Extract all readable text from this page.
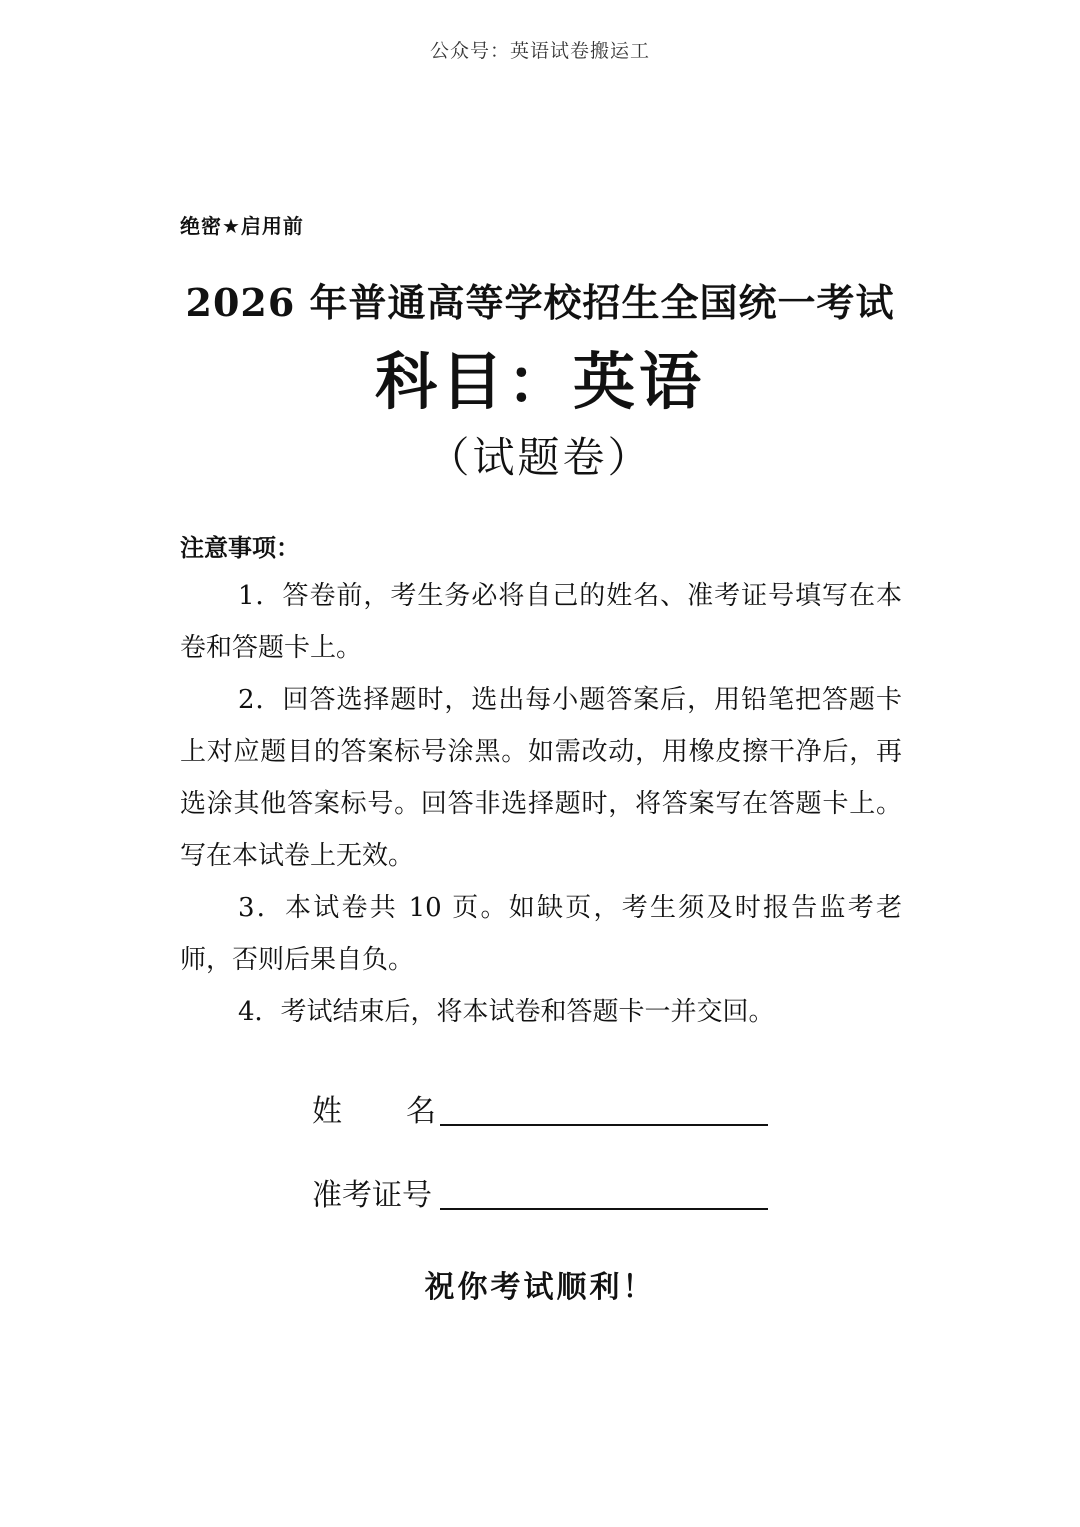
公众号：英语试卷搬运工
绝密★启用前
2026 年普通高等学校招生全国统一考试
科目：英语
（试题卷）
注意事项：

1．答卷前，考生务必将自己的姓名、准考证号填写在本卷和答题卡上。

2．回答选择题时，选出每小题答案后，用铅笔把答题卡上对应题目的答案标号涂黑。如需改动，用橡皮擦干净后，再选涂其他答案标号。回答非选择题时，将答案写在答题卡上。写在本试卷上无效。

3．本试卷共 10 页。如缺页，考生须及时报告监考老师，否则后果自负。

4．考试结束后，将本试卷和答题卡一并交回。

姓名
准考证号
祝你考试顺利！
